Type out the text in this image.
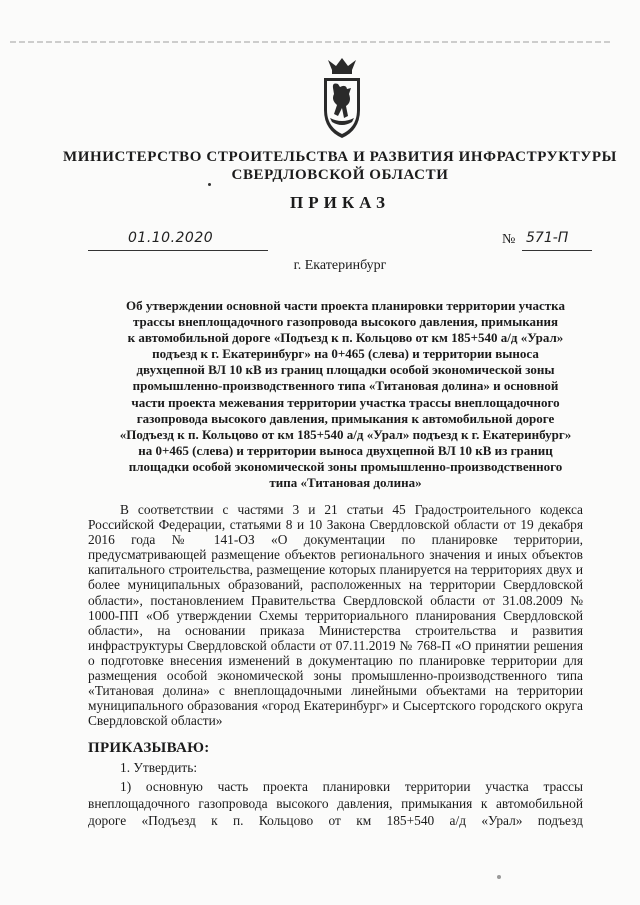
МИНИСТЕРСТВО СТРОИТЕЛЬСТВА И РАЗВИТИЯ ИНФРАСТРУКТУРЫ
СВЕРДЛОВСКОЙ ОБЛАСТИ
ПРИКАЗ
01.10.2020	№ 571-П
г. Екатеринбург
Об утверждении основной части проекта планировки территории участка
трассы внеплощадочного газопровода высокого давления, примыкания
к автомобильной дороге «Подъезд к п. Кольцово от км 185+540 а/д «Урал»
подъезд к г. Екатеринбург» на 0+465 (слева) и территории выноса
двухцепной ВЛ 10 кВ из границ площадки особой экономической зоны
промышленно-производственного типа «Титановая долина» и основной
части проекта межевания территории участка трассы внеплощадочного
газопровода высокого давления, примыкания к автомобильной дороге
«Подъезд к п. Кольцово от км 185+540 а/д «Урал» подъезд к г. Екатеринбург»
на 0+465 (слева) и территории выноса двухцепной ВЛ 10 кВ из границ
площадки особой экономической зоны промышленно-производственного
типа «Титановая долина»

В соответствии с частями 3 и 21 статьи 45 Градостроительного кодекса Российской Федерации, статьями 8 и 10 Закона Свердловской области от 19 декабря 2016 года № 141-ОЗ «О документации по планировке территории, предусматривающей размещение объектов регионального значения и иных объектов капитального строительства, размещение которых планируется на территориях двух и более муниципальных образований, расположенных на территории Свердловской области», постановлением Правительства Свердловской области от 31.08.2009 № 1000-ПП «Об утверждении Схемы территориального планирования Свердловской области», на основании приказа Министерства строительства и развития инфраструктуры Свердловской области от 07.11.2019 № 768-П «О принятии решения о подготовке внесения изменений в документацию по планировке территории для размещения особой экономической зоны промышленно-производственного типа «Титановая долина» с внеплощадочными линейными объектами на территории муниципального образования «город Екатеринбург» и Сысертского городского округа Свердловской области»

ПРИКАЗЫВАЮ:
1. Утвердить:
1) основную часть проекта планировки территории участка трассы
внеплощадочного газопровода высокого давления, примыкания к автомобильной
дороге «Подъезд к п. Кольцово от км 185+540 а/д «Урал» подъезд
